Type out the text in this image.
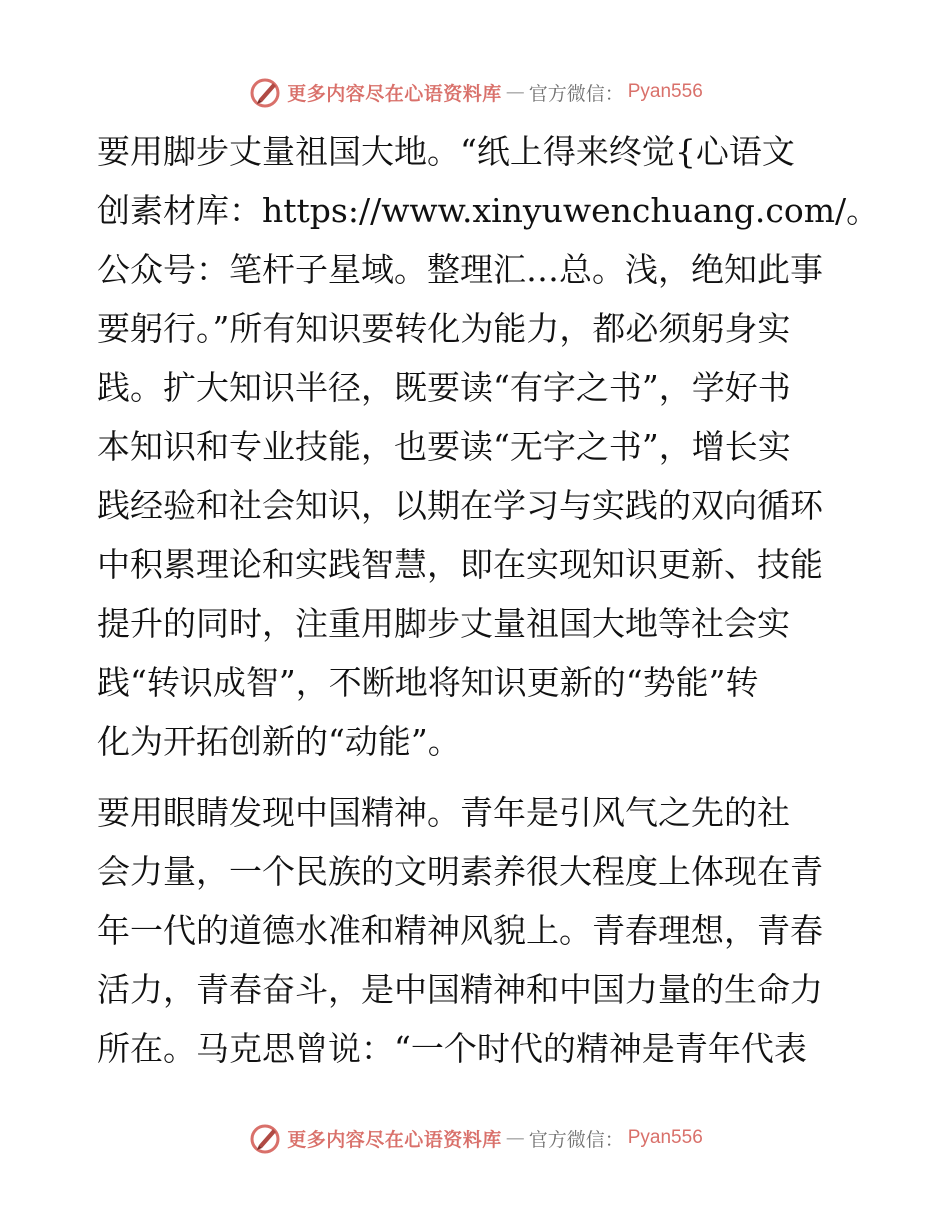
更多内容尽在心语资料库 — 官方微信： Pyan556

要用脚步丈量祖国大地。“纸上得来终觉{心语文
创素材库：https://www.xinyuwenchuang.com/。
公众号：笔杆子星域。整理汇…总。浅，绝知此事
要躬行。”所有知识要转化为能力，都必须躬身实
践。扩大知识半径，既要读“有字之书”，学好书
本知识和专业技能，也要读“无字之书”，增长实
践经验和社会知识，以期在学习与实践的双向循环
中积累理论和实践智慧，即在实现知识更新、技能
提升的同时，注重用脚步丈量祖国大地等社会实
践“转识成智”，不断地将知识更新的“势能”转
化为开拓创新的“动能”。

要用眼睛发现中国精神。青年是引风气之先的社
会力量，一个民族的文明素养很大程度上体现在青
年一代的道德水准和精神风貌上。青春理想，青春
活力，青春奋斗，是中国精神和中国力量的生命力
所在。马克思曾说：“一个时代的精神是青年代表

更多内容尽在心语资料库 — 官方微信： Pyan556
